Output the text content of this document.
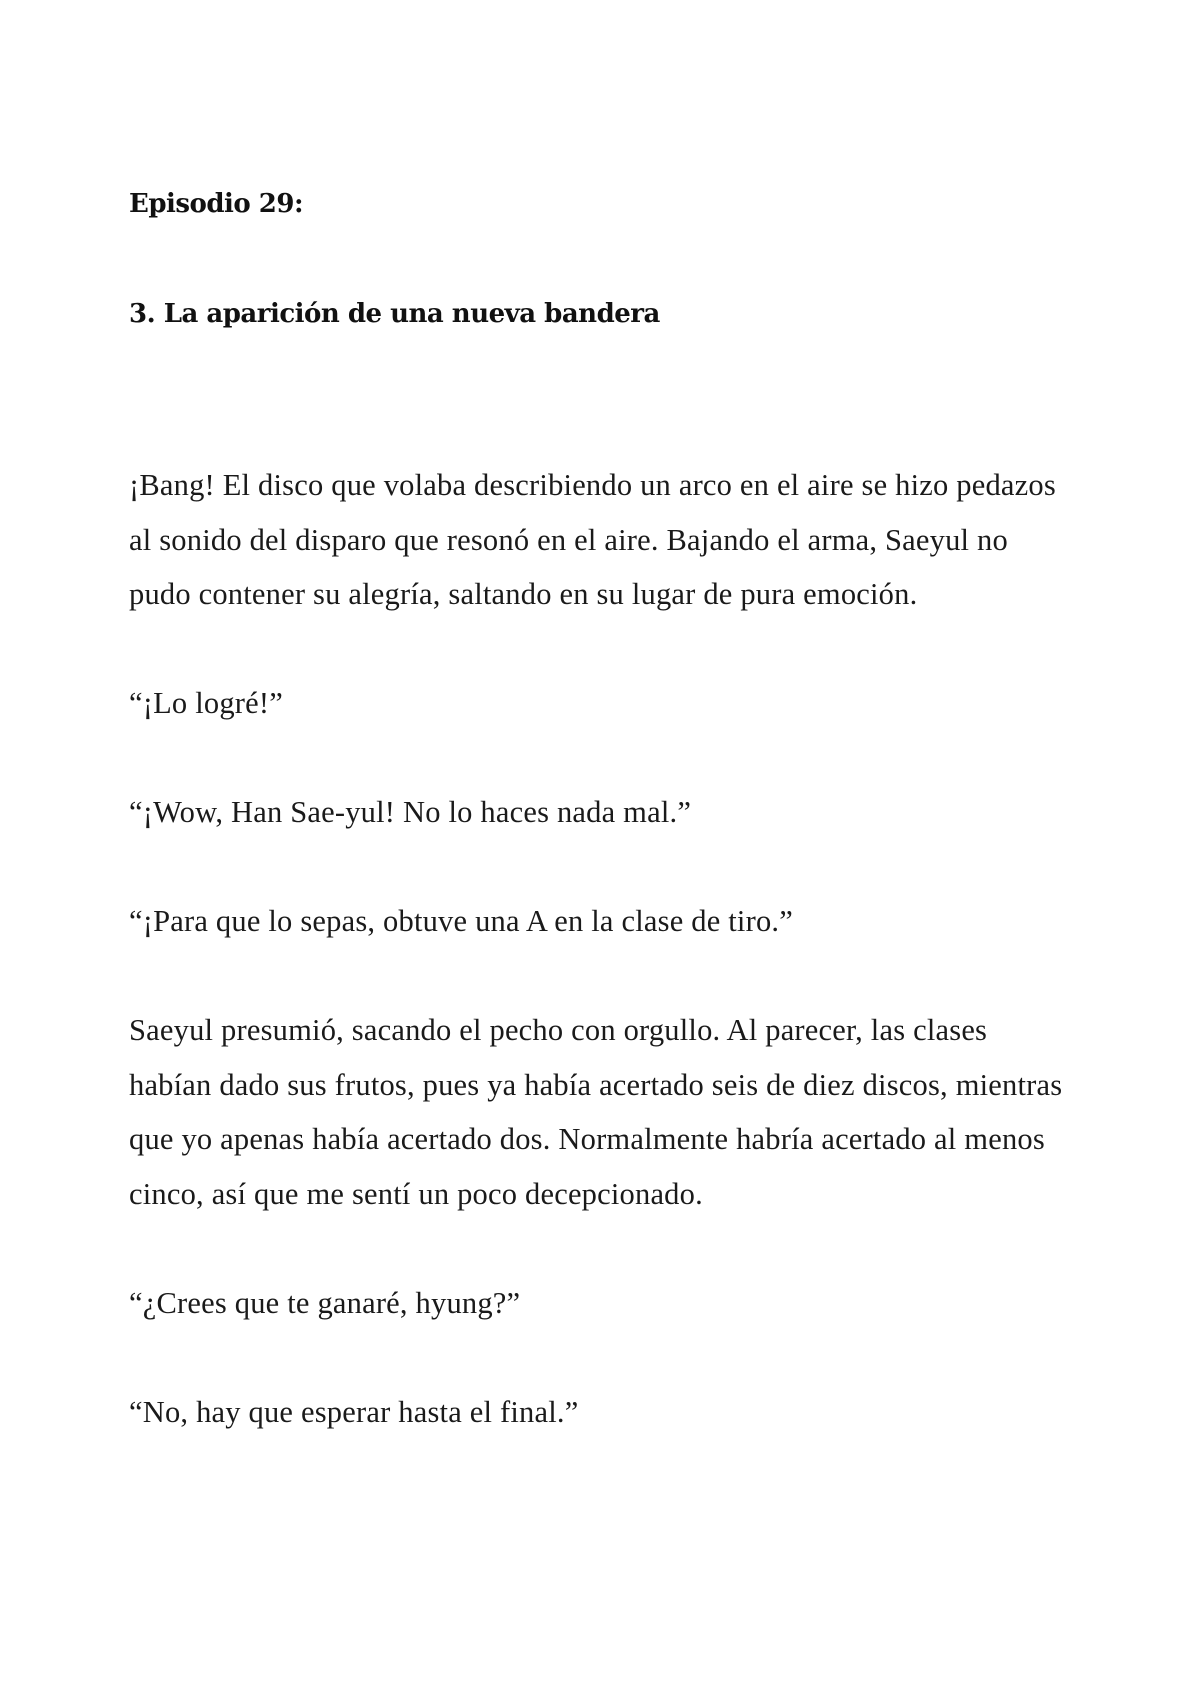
Episodio 29:
3. La aparición de una nueva bandera

¡Bang! El disco que volaba describiendo un arco en el aire se hizo pedazos al sonido del disparo que resonó en el aire. Bajando el arma, Saeyul no pudo contener su alegría, saltando en su lugar de pura emoción.

“¡Lo logré!”

“¡Wow, Han Sae-yul! No lo haces nada mal.”

“¡Para que lo sepas, obtuve una A en la clase de tiro.”

Saeyul presumió, sacando el pecho con orgullo. Al parecer, las clases habían dado sus frutos, pues ya había acertado seis de diez discos, mientras que yo apenas había acertado dos. Normalmente habría acertado al menos cinco, así que me sentí un poco decepcionado.

“¿Crees que te ganaré, hyung?”

“No, hay que esperar hasta el final.”
